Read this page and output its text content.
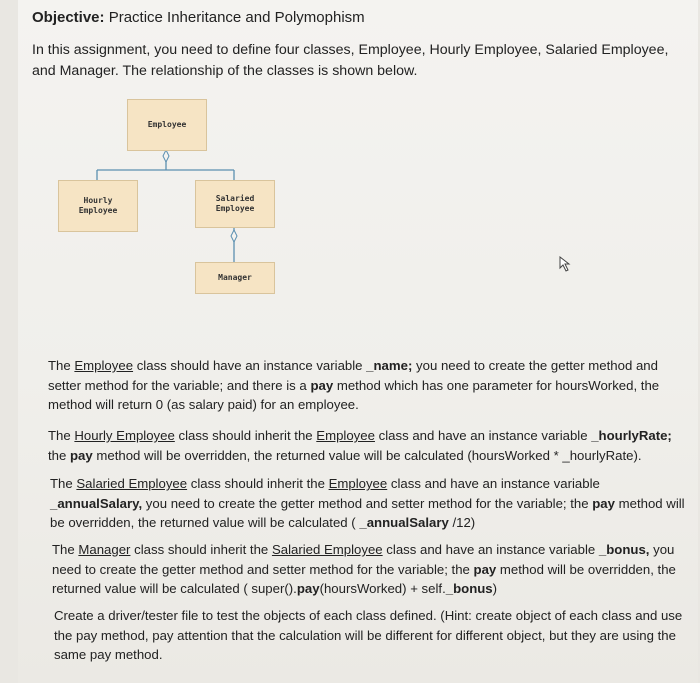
Objective: Practice Inheritance and Polymophism
In this assignment, you need to define four classes, Employee, Hourly Employee, Salaried Employee, and Manager. The relationship of the classes is shown below.
Employee
Hourly
Employee
Salaried
Employee
Manager
The Employee class should have an instance variable _name; you need to create the getter method and setter method for the variable; and there is a pay method which has one parameter for hoursWorked, the method will return 0 (as salary paid) for an employee.
The Hourly Employee class should inherit the Employee class and have an instance variable _hourlyRate; the pay method will be overridden, the returned value will be calculated (hoursWorked * _hourlyRate).
The Salaried Employee class should inherit the Employee class and have an instance variable _annualSalary, you need to create the getter method and setter method for the variable; the pay method will be overridden, the returned value will be calculated ( _annualSalary /12)
The Manager class should inherit the Salaried Employee class and have an instance variable _bonus, you need to create the getter method and setter method for the variable; the pay method will be overridden, the returned value will be calculated ( super().pay(hoursWorked) + self._bonus)
Create a driver/tester file to test the objects of each class defined. (Hint: create object of each class and use the pay method, pay attention that the calculation will be different for different object, but they are using the same pay method.
